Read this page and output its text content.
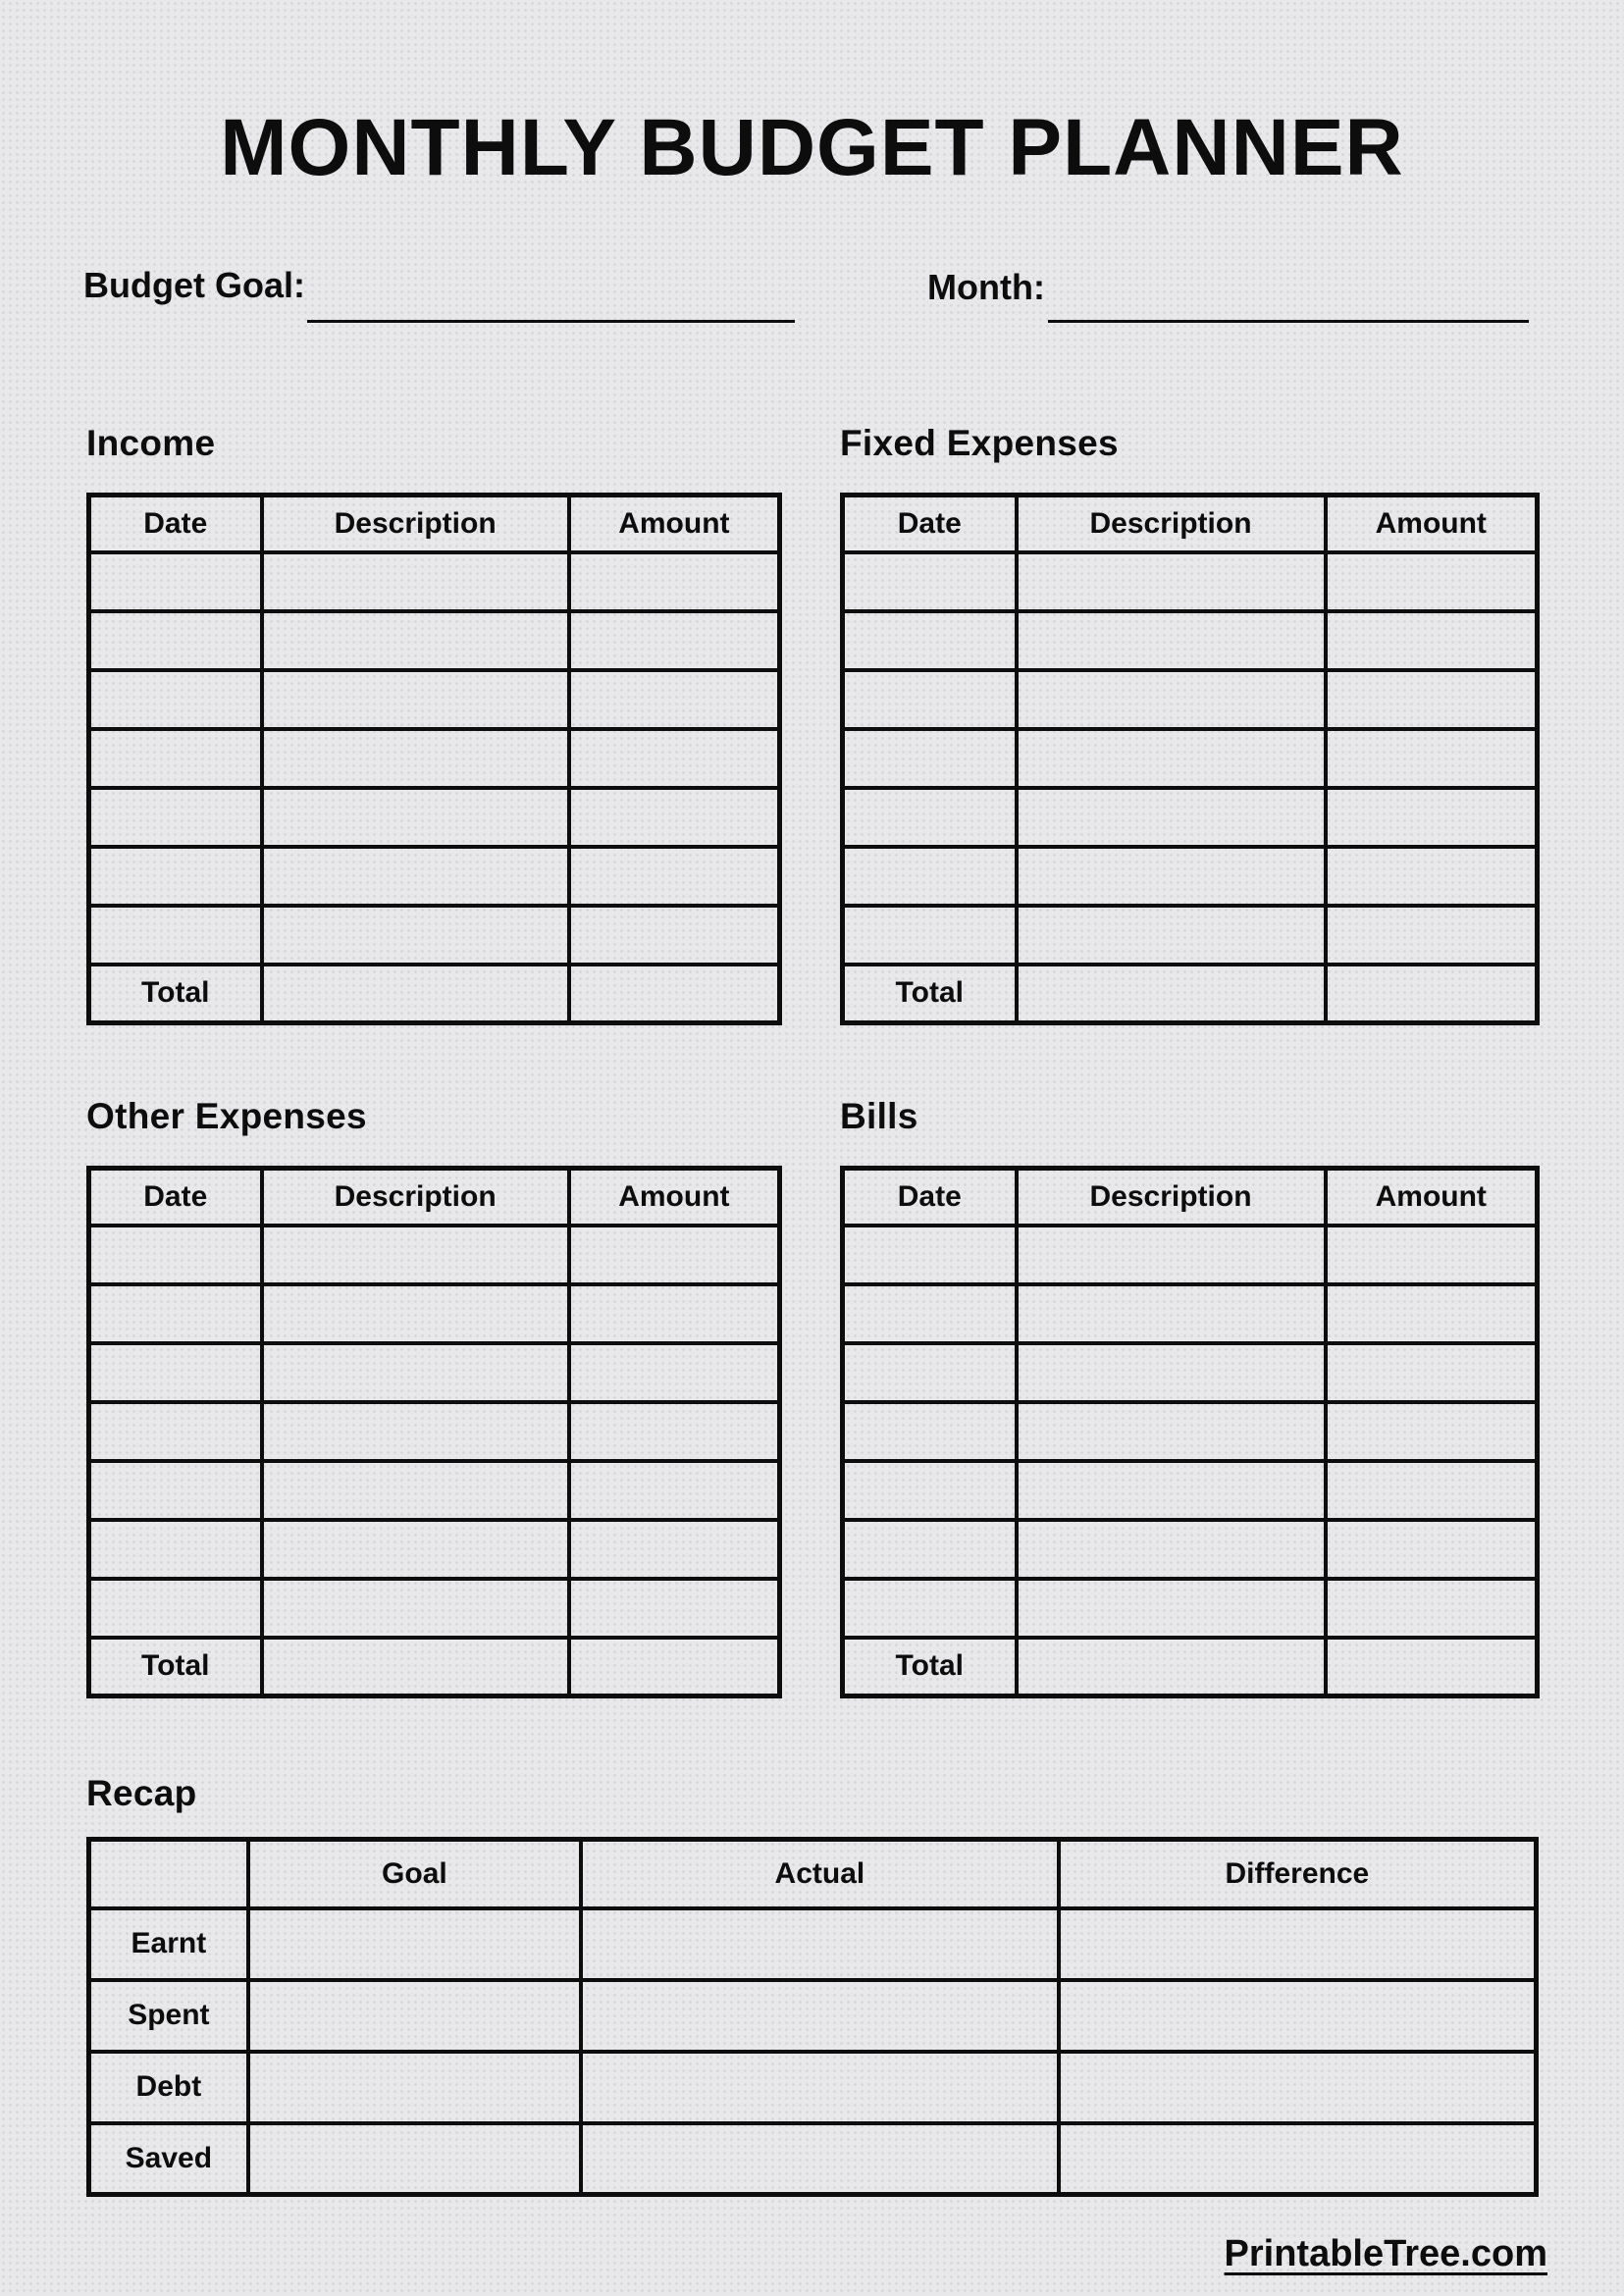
MONTHLY BUDGET PLANNER
Budget Goal:	Month:
Income
Date	Description	Amount

Total		
Fixed Expenses
Date	Description	Amount

Total		
Other Expenses
Date	Description	Amount

Total		
Bills
Date	Description	Amount

Total		
Recap
	Goal	Actual	Difference
Earnt			
Spent			
Debt			
Saved			
PrintableTree.com
